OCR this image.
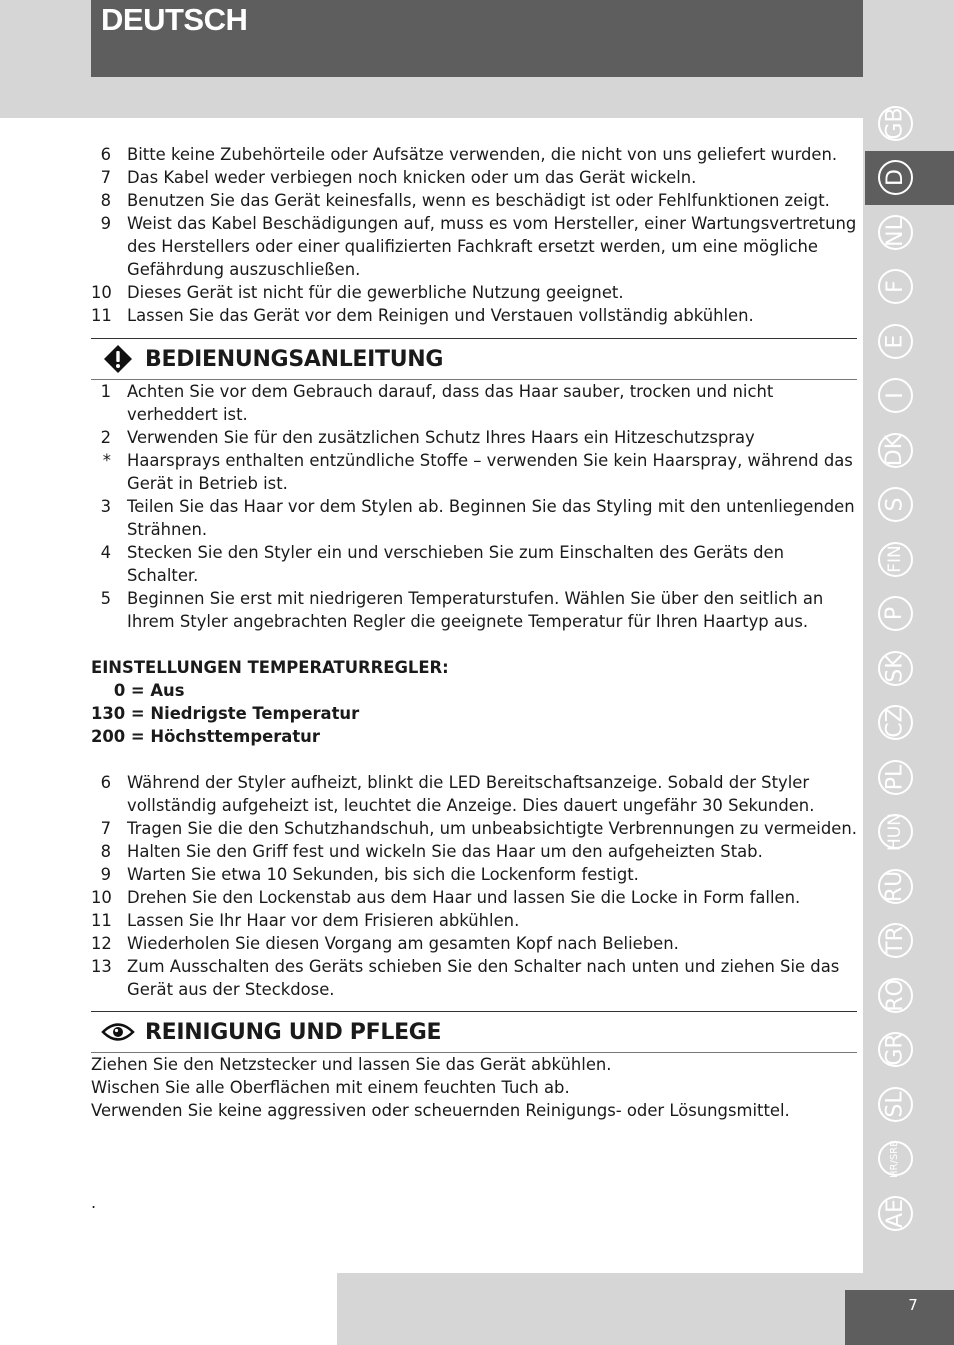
DEUTSCH
6 Bitte keine Zubehörteile oder Aufsätze verwenden, die nicht von uns geliefert wurden.
7 Das Kabel weder verbiegen noch knicken oder um das Gerät wickeln.
8 Benutzen Sie das Gerät keinesfalls, wenn es beschädigt ist oder Fehlfunktionen zeigt.
9 Weist das Kabel Beschädigungen auf, muss es vom Hersteller, einer Wartungsvertretung des Herstellers oder einer qualifizierten Fachkraft ersetzt werden, um eine mögliche Gefährdung auszuschließen.
10 Dieses Gerät ist nicht für die gewerbliche Nutzung geeignet.
11 Lassen Sie das Gerät vor dem Reinigen und Verstauen vollständig abkühlen.
BEDIENUNGSANLEITUNG
1 Achten Sie vor dem Gebrauch darauf, dass das Haar sauber, trocken und nicht verheddert ist.
2 Verwenden Sie für den zusätzlichen Schutz Ihres Haars ein Hitzeschutzspray
* Haarsprays enthalten entzündliche Stoffe – verwenden Sie kein Haarspray, während das Gerät in Betrieb ist.
3 Teilen Sie das Haar vor dem Stylen ab. Beginnen Sie das Styling mit den untenliegenden Strähnen.
4 Stecken Sie den Styler ein und verschieben Sie zum Einschalten des Geräts den Schalter.
5 Beginnen Sie erst mit niedrigeren Temperaturstufen. Wählen Sie über den seitlich an Ihrem Styler angebrachten Regler die geeignete Temperatur für Ihren Haartyp aus.
EINSTELLUNGEN TEMPERATURREGLER:
0 = Aus
130 = Niedrigste Temperatur
200 = Höchsttemperatur
6 Während der Styler aufheizt, blinkt die LED Bereitschaftsanzeige. Sobald der Styler vollständig aufgeheizt ist, leuchtet die Anzeige. Dies dauert ungefähr 30 Sekunden.
7 Tragen Sie die den Schutzhandschuh, um unbeabsichtigte Verbrennungen zu vermeiden.
8 Halten Sie den Griff fest und wickeln Sie das Haar um den aufgeheizten Stab.
9 Warten Sie etwa 10 Sekunden, bis sich die Lockenform festigt.
10 Drehen Sie den Lockenstab aus dem Haar und lassen Sie die Locke in Form fallen.
11 Lassen Sie Ihr Haar vor dem Frisieren abkühlen.
12 Wiederholen Sie diesen Vorgang am gesamten Kopf nach Belieben.
13 Zum Ausschalten des Geräts schieben Sie den Schalter nach unten und ziehen Sie das Gerät aus der Steckdose.
REINIGUNG UND PFLEGE
Ziehen Sie den Netzstecker und lassen Sie das Gerät abkühlen.
Wischen Sie alle Oberflächen mit einem feuchten Tuch ab.
Verwenden Sie keine aggressiven oder scheuernden Reinigungs- oder Lösungsmittel.
.
GB
D
NL
F
E
I
DK
S
FIN
P
SK
CZ
PL
HUN
RU
TR
RO
GR
SL
HR/SRB
AE
7
